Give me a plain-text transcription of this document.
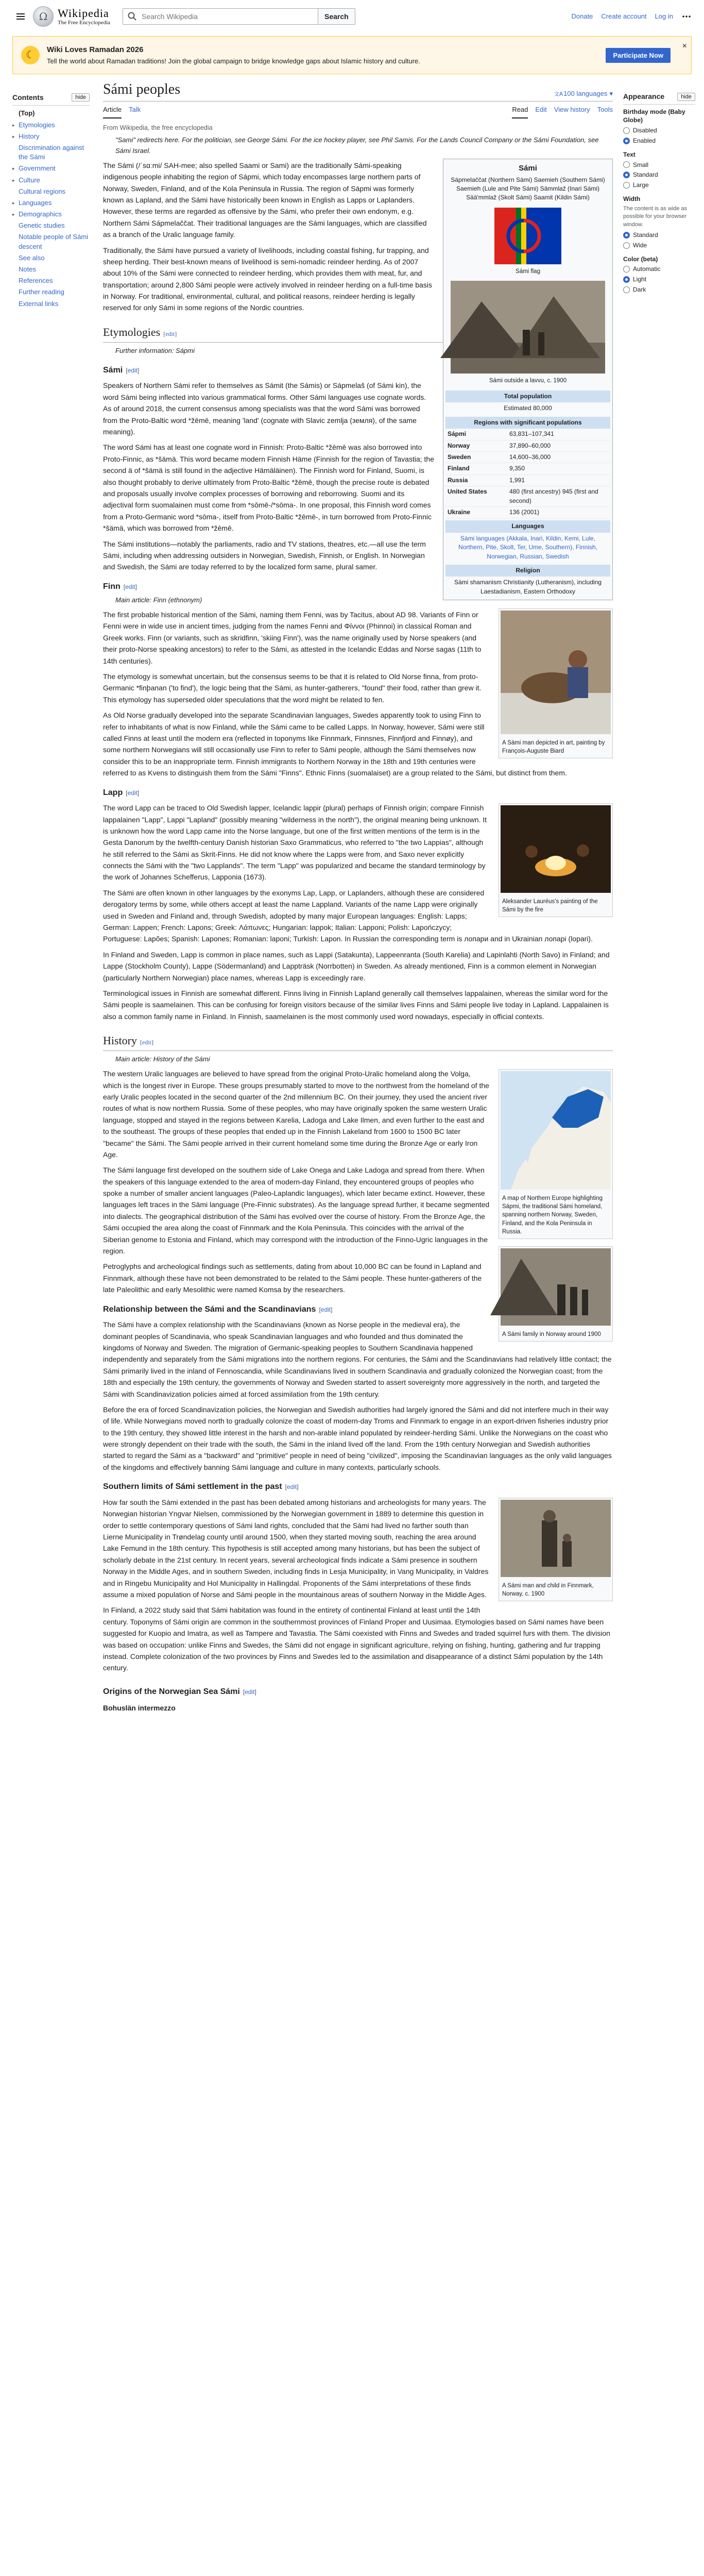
Ω Wikipedia
The Free Encyclopedia
Search Wikipedia
Search	Donate Create account Log in
☾	Wiki Loves Ramadan 2026
Tell the world about Ramadan traditions! Join the global campaign to bridge knowledge gaps about Islamic history and culture.
Participate Now
×
Contents	hide
(Top)
▸ Etymologies
▸ History
Discrimination against the Sámi
▸ Government
▸ Culture
Cultural regions
▸ Languages
▸ Demographics
Genetic studies
Notable people of Sámi descent
See also
Notes
References
Further reading
External links
Appearance	hide
Birthday mode (Baby Globe)
Disabled
Enabled
Text
Small
Standard
Large
Width
The content is as wide as possible for your browser window.
Standard
Wide
Color (beta)
Automatic
Light
Dark
Sámi peoples	文A 100 languages ▾
Article Talk	Read Edit View history Tools
From Wikipedia, the free encyclopedia
"Sami" redirects here. For the politician, see George Sámi. For the ice hockey player, see Phil Samis. For the Lands Council Company or the Sámi Foundation, see Sámi Israel.
Sámi
Sápmelaččat (Northern Sámi) Saemieh (Southern Sámi) Saemieh (Lule and Pite Sámi) Sāmmlaž (Inari Sámi) Sääʹmmlaž (Skolt Sámi) Saamit (Kildin Sámi)
Sámi flag
Sámi outside a lavvu, c. 1900
Total population
Estimated 80,000
Regions with significant populations
Sápmi	63,831–107,341
Norway	37,890–60,000
Sweden	14,600–36,000
Finland	9,350
Russia	1,991
United States	480 (first ancestry) 945 (first and second)
Ukraine	136 (2001)
Languages
Sámi languages (Akkala, Inari, Kildin, Kemi, Lule, Northern, Pite, Skolt, Ter, Ume, Southern), Finnish, Norwegian, Russian, Swedish
Religion
Sámi shamanism Christianity (Lutheranism), including Laestadianism, Eastern Orthodoxy

The Sámi (/ˈsɑːmi/ SAH-mee; also spelled Saami or Sami) are the traditionally Sámi-speaking indigenous people inhabiting the region of Sápmi, which today encompasses large northern parts of Norway, Sweden, Finland, and of the Kola Peninsula in Russia. The region of Sápmi was formerly known as Lapland, and the Sámi have historically been known in English as Lapps or Laplanders. However, these terms are regarded as offensive by the Sámi, who prefer their own endonym, e.g. Northern Sámi Sápmelaččat. Their traditional languages are the Sámi languages, which are classified as a branch of the Uralic language family.

Traditionally, the Sámi have pursued a variety of livelihoods, including coastal fishing, fur trapping, and sheep herding. Their best-known means of livelihood is semi-nomadic reindeer herding. As of 2007 about 10% of the Sámi were connected to reindeer herding, which provides them with meat, fur, and transportation; around 2,800 Sámi people were actively involved in reindeer herding on a full-time basis in Norway. For traditional, environmental, cultural, and political reasons, reindeer herding is legally reserved for only Sámi in some regions of the Nordic countries.

Etymologies [edit]
Further information: Sápmi
Sámi [edit]
A Sámi man depicted in art, painting by François-Auguste Biard

Speakers of Northern Sámi refer to themselves as Sámit (the Sámis) or Sápmelaš (of Sámi kin), the word Sámi being inflected into various grammatical forms. Other Sámi languages use cognate words. As of around 2018, the current consensus among specialists was that the word Sámi was borrowed from the Proto-Baltic word *žēmē, meaning 'land' (cognate with Slavic zemlja (земля), of the same meaning).

The word Sámi has at least one cognate word in Finnish: Proto-Baltic *žēmē was also borrowed into Proto-Finnic, as *šämä. This word became modern Finnish Häme (Finnish for the region of Tavastia; the second ä of *šämä is still found in the adjective Hämäläinen). The Finnish word for Finland, Suomi, is also thought probably to derive ultimately from Proto-Baltic *žēmē, though the precise route is debated and proposals usually involve complex processes of borrowing and reborrowing. Suomi and its adjectival form suomalainen must come from *sōmē-/*sōma-. In one proposal, this Finnish word comes from a Proto-Germanic word *sōma-, itself from Proto-Baltic *žēmē-, in turn borrowed from Proto-Finnic *šämä, which was borrowed from *žēmē.

The Sámi institutions—notably the parliaments, radio and TV stations, theatres, etc.—all use the term Sámi, including when addressing outsiders in Norwegian, Swedish, Finnish, or English. In Norwegian and Swedish, the Sámi are today referred to by the localized form same, plural samer.

Finn [edit]
Main article: Finn (ethnonym)

The first probable historical mention of the Sámi, naming them Fenni, was by Tacitus, about AD 98. Variants of Finn or Fenni were in wide use in ancient times, judging from the names Fenni and Φίννοι (Phinnoi) in classical Roman and Greek works. Finn (or variants, such as skridfinn, 'skiing Finn'), was the name originally used by Norse speakers (and their proto-Norse speaking ancestors) to refer to the Sámi, as attested in the Icelandic Eddas and Norse sagas (11th to 14th centuries).

The etymology is somewhat uncertain, but the consensus seems to be that it is related to Old Norse finna, from proto-Germanic *finþanan ('to find'), the logic being that the Sámi, as hunter-gatherers, "found" their food, rather than grew it. This etymology has superseded older speculations that the word might be related to fen.

As Old Norse gradually developed into the separate Scandinavian languages, Swedes apparently took to using Finn to refer to inhabitants of what is now Finland, while the Sámi came to be called Lapps. In Norway, however, Sámi were still called Finns at least until the modern era (reflected in toponyms like Finnmark, Finnsnes, Finnfjord and Finnøy), and some northern Norwegians will still occasionally use Finn to refer to Sámi people, although the Sámi themselves now consider this to be an inappropriate term. Finnish immigrants to Northern Norway in the 18th and 19th centuries were referred to as Kvens to distinguish them from the Sámi "Finns". Ethnic Finns (suomalaiset) are a group related to the Sámi, but distinct from them.

Lapp [edit]
Aleksander Lauréus's painting of the Sámi by the fire

The word Lapp can be traced to Old Swedish lapper, Icelandic lappir (plural) perhaps of Finnish origin; compare Finnish lappalainen "Lapp", Lappi "Lapland" (possibly meaning "wilderness in the north"), the original meaning being unknown. It is unknown how the word Lapp came into the Norse language, but one of the first written mentions of the term is in the Gesta Danorum by the twelfth-century Danish historian Saxo Grammaticus, who referred to "the two Lappias", although he still referred to the Sámi as Skrit-Finns. He did not know where the Lapps were from, and Saxo never explicitly connects the Sámi with the "two Lapplands". The term "Lapp" was popularized and became the standard terminology by the work of Johannes Schefferus, Lapponia (1673).

The Sámi are often known in other languages by the exonyms Lap, Lapp, or Laplanders, although these are considered derogatory terms by some, while others accept at least the name Lappland. Variants of the name Lapp were originally used in Sweden and Finland and, through Swedish, adopted by many major European languages: English: Lapps; German: Lappen; French: Lapons; Greek: Λάπωνες; Hungarian: lappok; Italian: Lapponi; Polish: Lapończycy; Portuguese: Lapões; Spanish: Lapones; Romanian: laponi; Turkish: Lapon. In Russian the corresponding term is лопари and in Ukrainian лопарі (lopari).

In Finland and Sweden, Lapp is common in place names, such as Lappi (Satakunta), Lappeenranta (South Karelia) and Lapinlahti (North Savo) in Finland; and Lappe (Stockholm County), Lappe (Södermanland) and Lappträsk (Norrbotten) in Sweden. As already mentioned, Finn is a common element in Norwegian (particularly Northern Norwegian) place names, whereas Lapp is exceedingly rare.

Terminological issues in Finnish are somewhat different. Finns living in Finnish Lapland generally call themselves lappalainen, whereas the similar word for the Sámi people is saamelainen. This can be confusing for foreign visitors because of the similar lives Finns and Sámi people live today in Lapland. Lappalainen is also a common family name in Finland. In Finnish, saamelainen is the most commonly used word nowadays, especially in official contexts.

History [edit]
Main article: History of the Sámi
A map of Northern Europe highlighting Sápmi, the traditional Sámi homeland, spanning northern Norway, Sweden, Finland, and the Kola Peninsula in Russia.

The western Uralic languages are believed to have spread from the original Proto-Uralic homeland along the Volga, which is the longest river in Europe. These groups presumably started to move to the northwest from the homeland of the early Uralic peoples located in the second quarter of the 2nd millennium BC. On their journey, they used the ancient river routes of what is now northern Russia. Some of these peoples, who may have originally spoken the same western Uralic language, stopped and stayed in the regions between Karelia, Ladoga and Lake Ilmen, and even further to the east and to the southeast. The groups of these peoples that ended up in the Finnish Lakeland from 1600 to 1500 BC later "became" the Sámi. The Sámi people arrived in their current homeland some time during the Bronze Age or early Iron Age.

A Sámi family in Norway around 1900

The Sámi language first developed on the southern side of Lake Onega and Lake Ladoga and spread from there. When the speakers of this language extended to the area of modern-day Finland, they encountered groups of peoples who spoke a number of smaller ancient languages (Paleo-Laplandic languages), which later became extinct. However, these languages left traces in the Sámi language (Pre-Finnic substrates). As the language spread further, it became segmented into dialects. The geographical distribution of the Sámi has evolved over the course of history. From the Bronze Age, the Sámi occupied the area along the coast of Finnmark and the Kola Peninsula. This coincides with the arrival of the Siberian genome to Estonia and Finland, which may correspond with the introduction of the Finno-Ugric languages in the region.

Petroglyphs and archeological findings such as settlements, dating from about 10,000 BC can be found in Lapland and Finnmark, although these have not been demonstrated to be related to the Sámi people. These hunter-gatherers of the late Paleolithic and early Mesolithic were named Komsa by the researchers.

Relationship between the Sámi and the Scandinavians [edit]

The Sámi have a complex relationship with the Scandinavians (known as Norse people in the medieval era), the dominant peoples of Scandinavia, who speak Scandinavian languages and who founded and thus dominated the kingdoms of Norway and Sweden. The migration of Germanic-speaking peoples to Southern Scandinavia happened independently and separately from the Sámi migrations into the northern regions. For centuries, the Sámi and the Scandinavians had relatively little contact; the Sámi primarily lived in the inland of Fennoscandia, while Scandinavians lived in southern Scandinavia and gradually colonized the Norwegian coast; from the 18th and especially the 19th century, the governments of Norway and Sweden started to assert sovereignty more aggressively in the north, and targeted the Sámi with Scandinavization policies aimed at forced assimilation from the 19th century.

Before the era of forced Scandinavization policies, the Norwegian and Swedish authorities had largely ignored the Sámi and did not interfere much in their way of life. While Norwegians moved north to gradually colonize the coast of modern-day Troms and Finnmark to engage in an export-driven fisheries industry prior to the 19th century, they showed little interest in the harsh and non-arable inland populated by reindeer-herding Sámi. Unlike the Norwegians on the coast who were strongly dependent on their trade with the south, the Sámi in the inland lived off the land. From the 19th century Norwegian and Swedish authorities started to regard the Sámi as a "backward" and "primitive" people in need of being "civilized", imposing the Scandinavian languages as the only valid languages of the kingdoms and effectively banning Sámi language and culture in many contexts, particularly schools.

Southern limits of Sámi settlement in the past [edit]
A Sámi man and child in Finnmark, Norway, c. 1900

How far south the Sámi extended in the past has been debated among historians and archeologists for many years. The Norwegian historian Yngvar Nielsen, commissioned by the Norwegian government in 1889 to determine this question in order to settle contemporary questions of Sámi land rights, concluded that the Sámi had lived no farther south than Lierne Municipality in Trøndelag county until around 1500, when they started moving south, reaching the area around Lake Femund in the 18th century. This hypothesis is still accepted among many historians, but has been the subject of scholarly debate in the 21st century. In recent years, several archeological finds indicate a Sámi presence in southern Norway in the Middle Ages, and in southern Sweden, including finds in Lesja Municipality, in Vang Municipality, in Valdres and in Ringebu Municipality and Hol Municipality in Hallingdal. Proponents of the Sámi interpretations of these finds assume a mixed population of Norse and Sámi people in the mountainous areas of southern Norway in the Middle Ages.

In Finland, a 2022 study said that Sámi habitation was found in the entirety of continental Finland at least until the 14th century. Toponyms of Sámi origin are common in the southernmost provinces of Finland Proper and Uusimaa. Etymologies based on Sámi names have been suggested for Kuopio and Imatra, as well as Tampere and Tavastia. The Sámi coexisted with Finns and Swedes and traded squirrel furs with them. The division was based on occupation: unlike Finns and Swedes, the Sámi did not engage in significant agriculture, relying on fishing, hunting, gathering and fur trapping instead. Complete colonization of the two provinces by Finns and Swedes led to the assimilation and disappearance of a distinct Sámi population by the 14th century.

Origins of the Norwegian Sea Sámi [edit]
Bohuslän intermezzo
